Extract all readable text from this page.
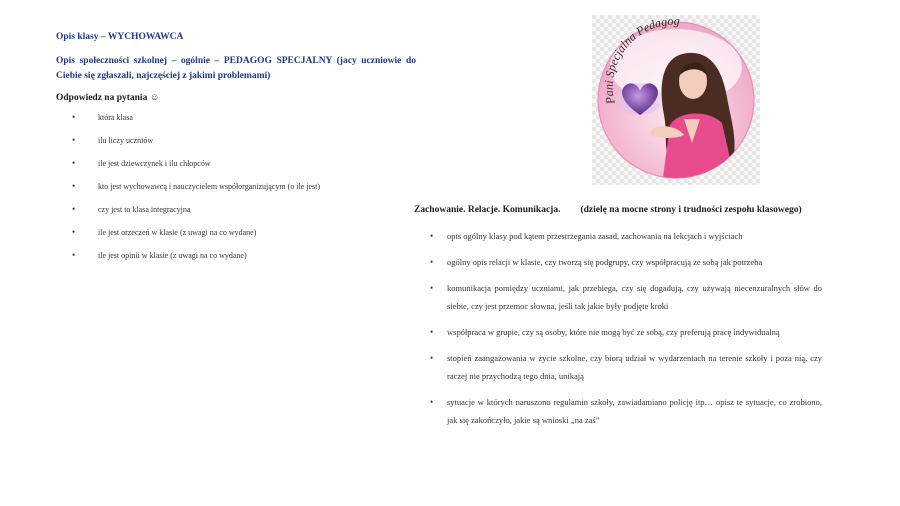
Opis klasy – WYCHOWAWCA

Opis społeczności szkolnej – ogólnie – PEDAGOG SPECJALNY (jacy uczniowie do Ciebie się zgłaszali, najczęściej z jakimi problemami)

Odpowiedz na pytania ☺

• która klasa
• ilu liczy uczniów
• ile jest dziewczynek i ilu chłopców
• kto jest wychowawcą i nauczycielem współorganizującym (o ile jest)
• czy jest to klasa integracyjna
• ile jest orzeczeń w klasie (z uwagi na co wydane)
• ile jest opinii w klasie (z uwagi na co wydane)
Pani Specjalna Pedagog

Zachowanie. Relacje. Komunikacja. (dzielę na mocne strony i trudności zespołu klasowego)

• opis ogólny klasy pod kątem przestrzegania zasad, zachowania na lekcjach i wyjściach
• ogólny opis relacji w klasie, czy tworzą się podgrupy, czy współpracują ze sobą jak potrzeba
• komunikacja pomiędzy uczniami, jak przebiega, czy się dogadują, czy używają niecenzuralnych słów do siebie, czy jest przemoc słowna, jeśli tak jakie były podjęte kroki
• współpraca w grupie, czy są osoby, które nie mogą być ze sobą, czy preferują pracę indywidualną
• stopień zaangażowania w życie szkolne, czy biorą udział w wydarzeniach na terenie szkoły i poza nią, czy raczej nie przychodzą tego dnia, unikają
• sytuacje w których naruszono regulamin szkoły, zawiadamiano policję itp… opisz te sytuacje, co zrobiono, jak się zakończyło, jakie są wnioski „na zaś”
